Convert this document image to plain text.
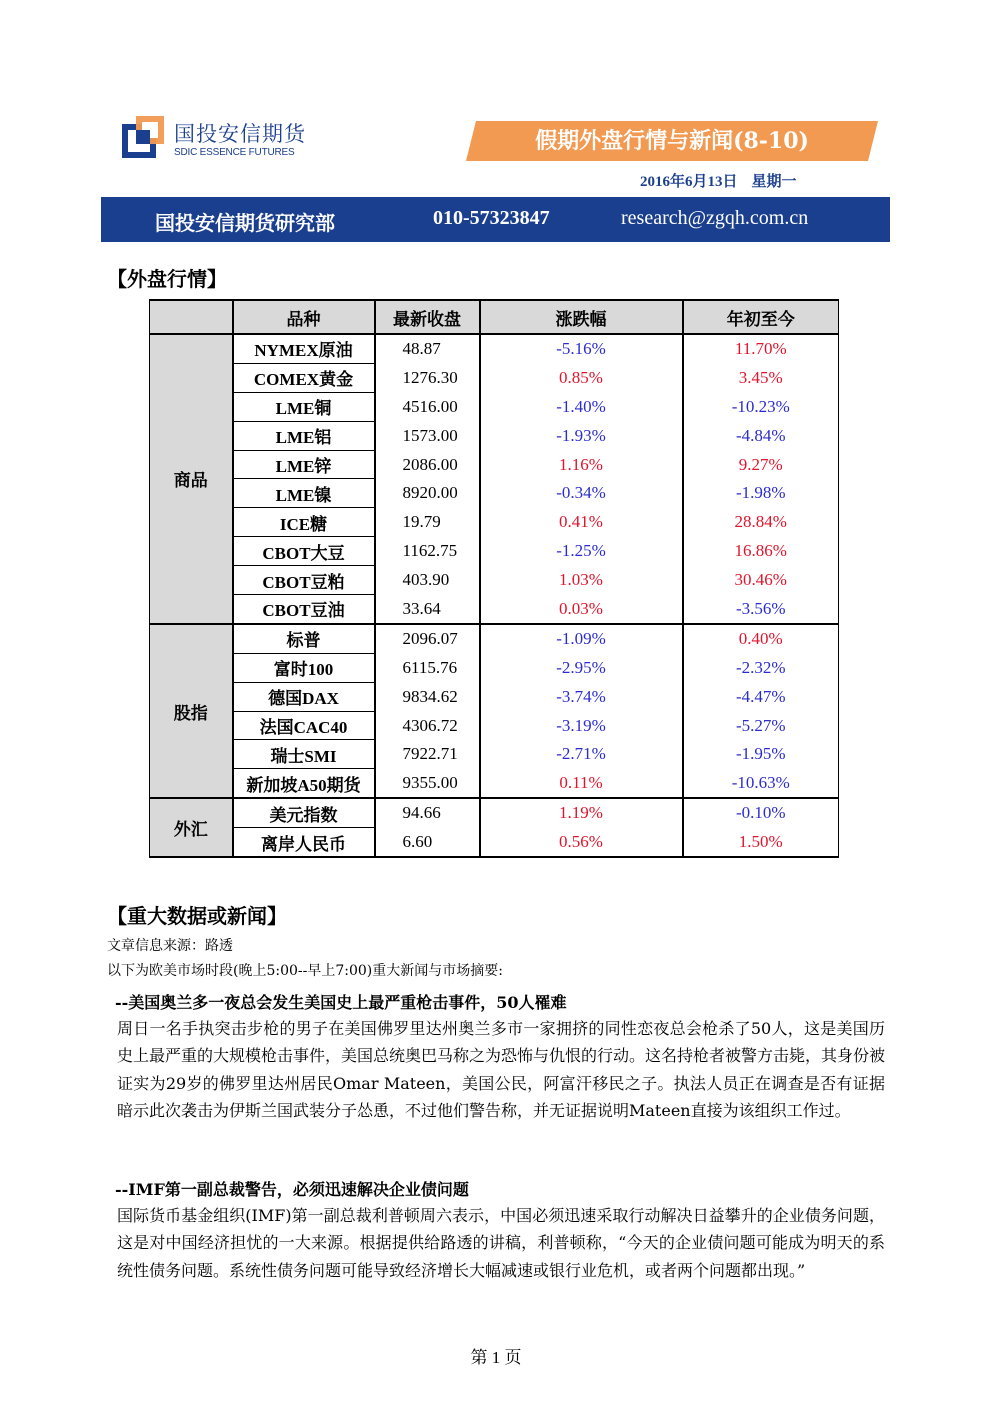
国投安信期货
SDIC ESSENCE FUTURES	假期外盘行情与新闻(8-10)
2016年6月13日 星期一
国投安信期货研究部	010-57323847	research@zgqh.com.cn
【外盘行情】
	品种	最新收盘	涨跌幅	年初至今
商品	NYMEX原油	48.87	-5.16%	11.70%
	COMEX黄金	1276.30	0.85%	3.45%
	LME铜	4516.00	-1.40%	-10.23%
	LME铝	1573.00	-1.93%	-4.84%
	LME锌	2086.00	1.16%	9.27%
	LME镍	8920.00	-0.34%	-1.98%
	ICE糖	19.79	0.41%	28.84%
	CBOT大豆	1162.75	-1.25%	16.86%
	CBOT豆粕	403.90	1.03%	30.46%
	CBOT豆油	33.64	0.03%	-3.56%
股指	标普	2096.07	-1.09%	0.40%
	富时100	6115.76	-2.95%	-2.32%
	德国DAX	9834.62	-3.74%	-4.47%
	法国CAC40	4306.72	-3.19%	-5.27%
	瑞士SMI	7922.71	-2.71%	-1.95%
	新加坡A50期货	9355.00	0.11%	-10.63%
外汇	美元指数	94.66	1.19%	-0.10%
	离岸人民币	6.60	0.56%	1.50%
【重大数据或新闻】
文章信息来源：路透
以下为欧美市场时段(晚上5:00--早上7:00)重大新闻与市场摘要:
--美国奥兰多一夜总会发生美国史上最严重枪击事件，50人罹难
周日一名手执突击步枪的男子在美国佛罗里达州奥兰多市一家拥挤的同性恋夜总会枪杀了50人，这是美国历史上最严重的大规模枪击事件，美国总统奥巴马称之为恐怖与仇恨的行动。这名持枪者被警方击毙，其身份被证实为29岁的佛罗里达州居民Omar Mateen，美国公民，阿富汗移民之子。执法人员正在调查是否有证据暗示此次袭击为伊斯兰国武装分子怂恿，不过他们警告称，并无证据说明Mateen直接为该组织工作过。
--IMF第一副总裁警告，必须迅速解决企业债问题
国际货币基金组织(IMF)第一副总裁利普顿周六表示，中国必须迅速采取行动解决日益攀升的企业债务问题，这是对中国经济担忧的一大来源。根据提供给路透的讲稿，利普顿称，“今天的企业债问题可能成为明天的系统性债务问题。系统性债务问题可能导致经济增长大幅减速或银行业危机，或者两个问题都出现。”
第 1 页
